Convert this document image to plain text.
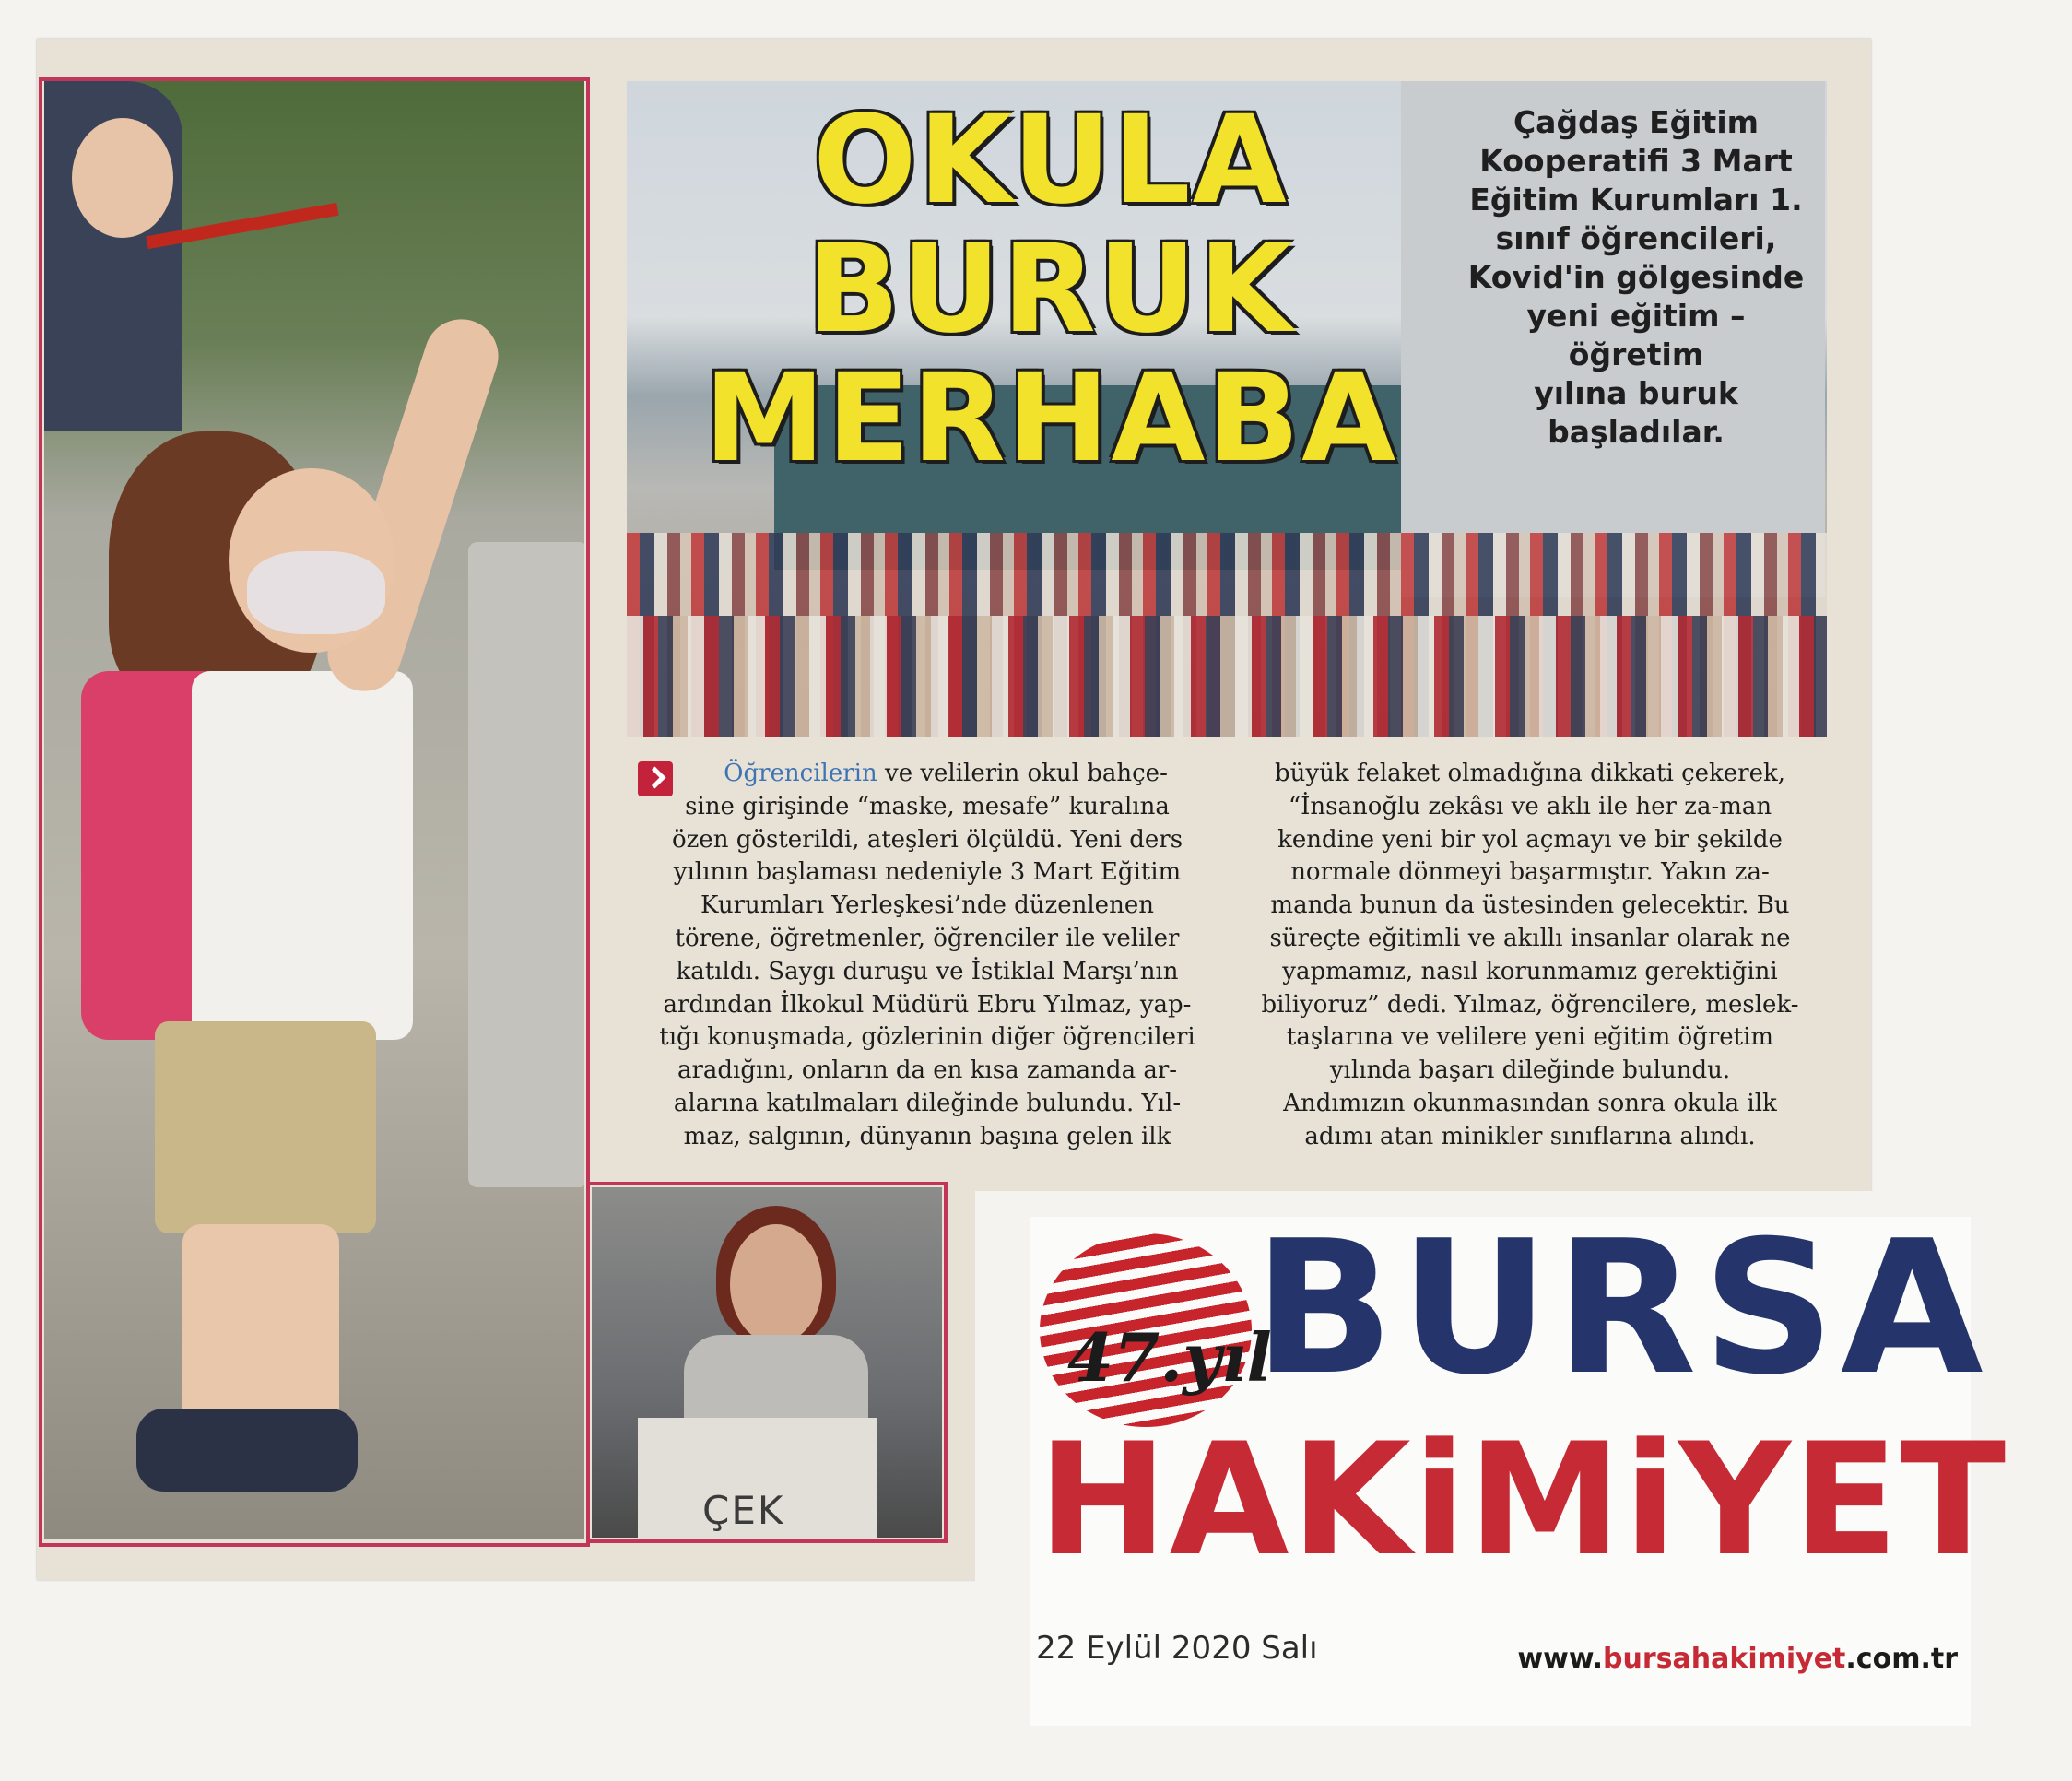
OKULA BURUK
MERHABA
Çağdaş Eğitim
Kooperatifi 3 Mart
Eğitim Kurumları 1.
sınıf öğrencileri,
Kovid'in gölgesinde
yeni eğitim – öğretim
yılına buruk başladılar.
Öğrencilerin ve velilerin okul bahçe-
sine girişinde “maske, mesafe” kuralına
özen gösterildi, ateşleri ölçüldü. Yeni ders
yılının başlaması nedeniyle 3 Mart Eğitim
Kurumları Yerleşkesi’nde düzenlenen
törene, öğretmenler, öğrenciler ile veliler
katıldı. Saygı duruşu ve İstiklal Marşı’nın
ardından İlkokul Müdürü Ebru Yılmaz, yap-
tığı konuşmada, gözlerinin diğer öğrencileri
aradığını, onların da en kısa zamanda ar-
alarına katılmaları dileğinde bulundu. Yıl-
maz, salgının, dünyanın başına gelen ilk
büyük felaket olmadığına dikkati çekerek,
“İnsanoğlu zekâsı ve aklı ile her za-man
kendine yeni bir yol açmayı ve bir şekilde
normale dönmeyi başarmıştır. Yakın za-
manda bunun da üstesinden gelecektir. Bu
süreçte eğitimli ve akıllı insanlar olarak ne
yapmamız, nasıl korunmamız gerektiğini
biliyoruz” dedi. Yılmaz, öğrencilere, meslek-
taşlarına ve velilere yeni eğitim öğretim
yılında başarı dileğinde bulundu.
Andımızın okunmasından sonra okula ilk
adımı atan minikler sınıflarına alındı.
ÇEK
47.yıl
BURSA
HAKiMiYET
22 Eylül 2020 Salı	www.bursahakimiyet.com.tr
